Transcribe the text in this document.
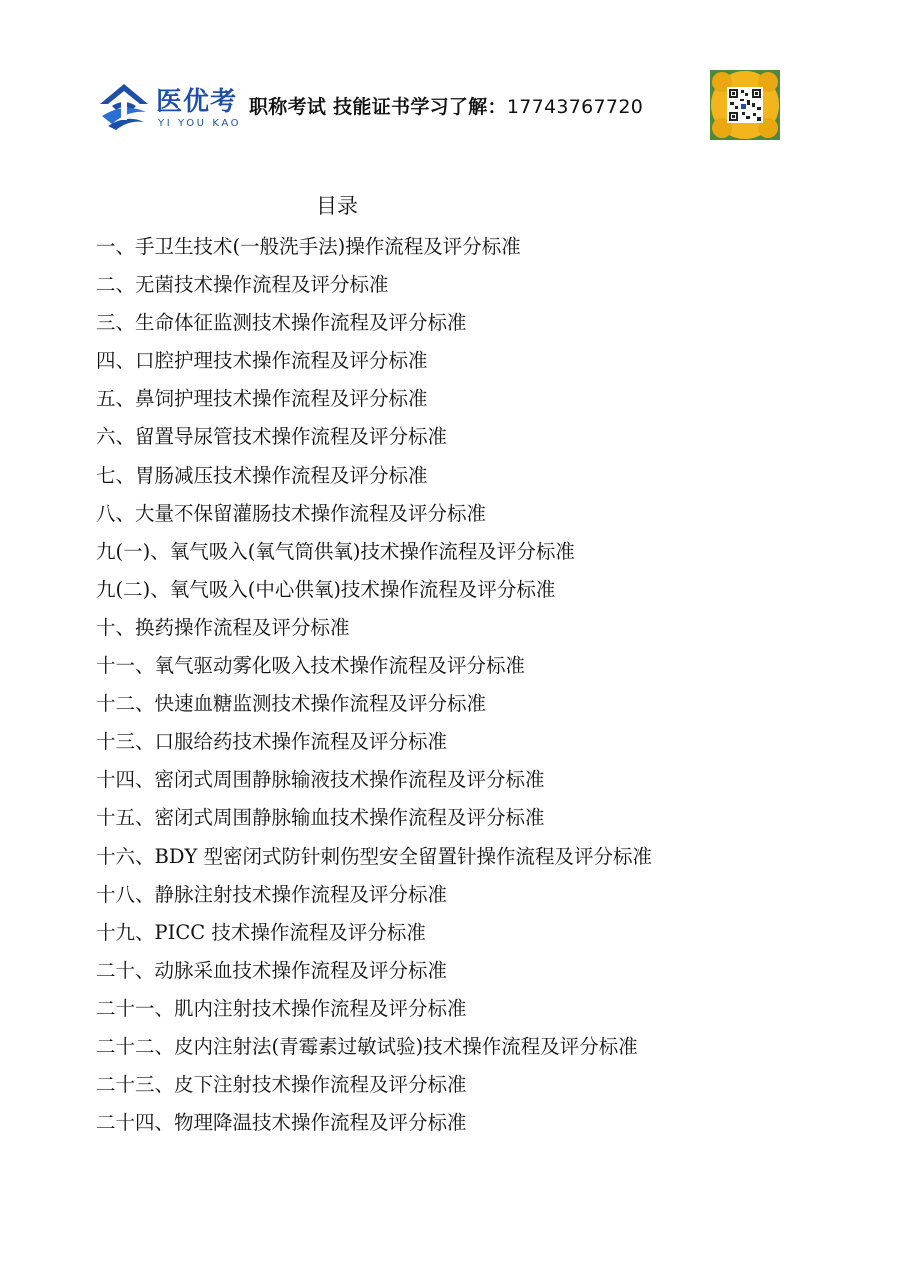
医优考
YI YOU KAO
职称考试 技能证书学习了解：17743767720
目录
一、手卫生技术(一般洗手法)操作流程及评分标准
二、无菌技术操作流程及评分标准
三、生命体征监测技术操作流程及评分标准
四、口腔护理技术操作流程及评分标准
五、鼻饲护理技术操作流程及评分标准
六、留置导尿管技术操作流程及评分标准
七、胃肠减压技术操作流程及评分标准
八、大量不保留灌肠技术操作流程及评分标准
九(一)、氧气吸入(氧气筒供氧)技术操作流程及评分标准
九(二)、氧气吸入(中心供氧)技术操作流程及评分标准
十、换药操作流程及评分标准
十一、氧气驱动雾化吸入技术操作流程及评分标准
十二、快速血糖监测技术操作流程及评分标准
十三、口服给药技术操作流程及评分标准
十四、密闭式周围静脉输液技术操作流程及评分标准
十五、密闭式周围静脉输血技术操作流程及评分标准
十六、BDY 型密闭式防针刺伤型安全留置针操作流程及评分标准
十八、静脉注射技术操作流程及评分标准
十九、PICC 技术操作流程及评分标准
二十、动脉采血技术操作流程及评分标准
二十一、肌内注射技术操作流程及评分标准
二十二、皮内注射法(青霉素过敏试验)技术操作流程及评分标准
二十三、皮下注射技术操作流程及评分标准
二十四、物理降温技术操作流程及评分标准
